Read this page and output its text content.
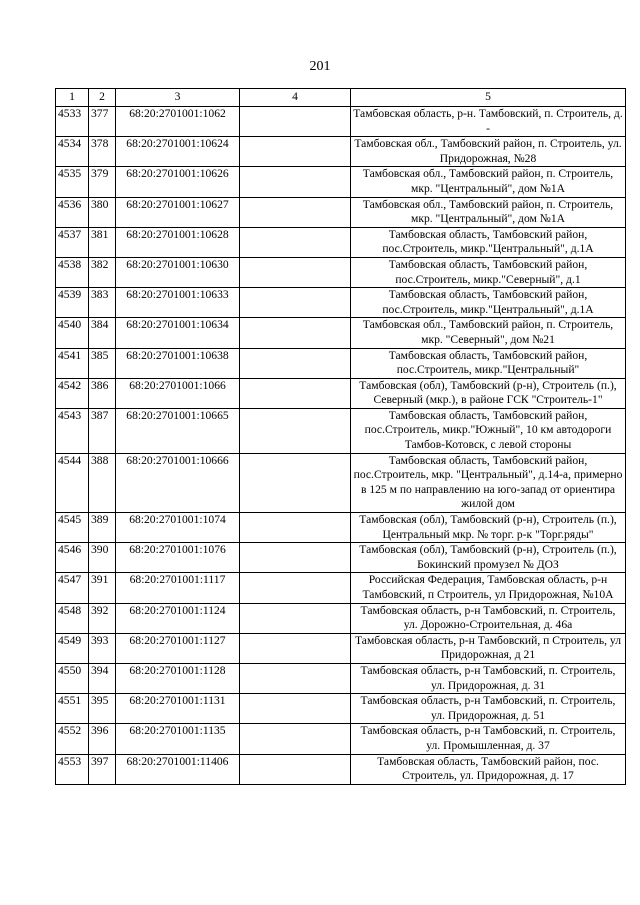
201
1	2	3	4	5
4533	377	68:20:2701001:1062		Тамбовская область, р-н. Тамбовский, п. Строитель, д. -
4534	378	68:20:2701001:10624		Тамбовская обл., Тамбовский район, п. Строитель, ул. Придорожная, №28
4535	379	68:20:2701001:10626		Тамбовская обл., Тамбовский район, п. Строитель, мкр. "Центральный", дом №1А
4536	380	68:20:2701001:10627		Тамбовская обл., Тамбовский район, п. Строитель, мкр. "Центральный", дом №1А
4537	381	68:20:2701001:10628		Тамбовская область, Тамбовский район, пос.Строитель, микр."Центральный", д.1А
4538	382	68:20:2701001:10630		Тамбовская область, Тамбовский район, пос.Строитель, микр."Северный", д.1
4539	383	68:20:2701001:10633		Тамбовская область, Тамбовский район, пос.Строитель, микр."Центральный", д.1А
4540	384	68:20:2701001:10634		Тамбовская обл., Тамбовский район, п. Строитель, мкр. "Северный", дом №21
4541	385	68:20:2701001:10638		Тамбовская область, Тамбовский район, пос.Строитель, микр."Центральный"
4542	386	68:20:2701001:1066		Тамбовская (обл), Тамбовский (р-н), Строитель (п.), Северный (мкр.), в районе ГСК "Строитель-1"
4543	387	68:20:2701001:10665		Тамбовская область, Тамбовский район, пос.Строитель, микр."Южный", 10 км автодороги Тамбов-Котовск, с левой стороны
4544	388	68:20:2701001:10666		Тамбовская область, Тамбовский район, пос.Строитель, мкр. "Центральный", д.14-а, примерно в 125 м по направлению на юго-запад от ориентира жилой дом
4545	389	68:20:2701001:1074		Тамбовская (обл), Тамбовский (р-н), Строитель (п.), Центральный мкр. № торг. р-к "Торг.ряды"
4546	390	68:20:2701001:1076		Тамбовская (обл), Тамбовский (р-н), Строитель (п.), Бокинский промузел № ДОЗ
4547	391	68:20:2701001:1117		Российская Федерация, Тамбовская область, р-н Тамбовский, п Строитель, ул Придорожная, №10А
4548	392	68:20:2701001:1124		Тамбовская область, р-н Тамбовский, п. Строитель, ул. Дорожно-Строительная, д. 46а
4549	393	68:20:2701001:1127		Тамбовская область, р-н Тамбовский, п Строитель, ул Придорожная, д 21
4550	394	68:20:2701001:1128		Тамбовская область, р-н Тамбовский, п. Строитель, ул. Придорожная, д. 31
4551	395	68:20:2701001:1131		Тамбовская область, р-н Тамбовский, п. Строитель, ул. Придорожная, д. 51
4552	396	68:20:2701001:1135		Тамбовская область, р-н Тамбовский, п. Строитель, ул. Промышленная, д. 37
4553	397	68:20:2701001:11406		Тамбовская область, Тамбовский район, пос. Строитель, ул. Придорожная, д. 17
